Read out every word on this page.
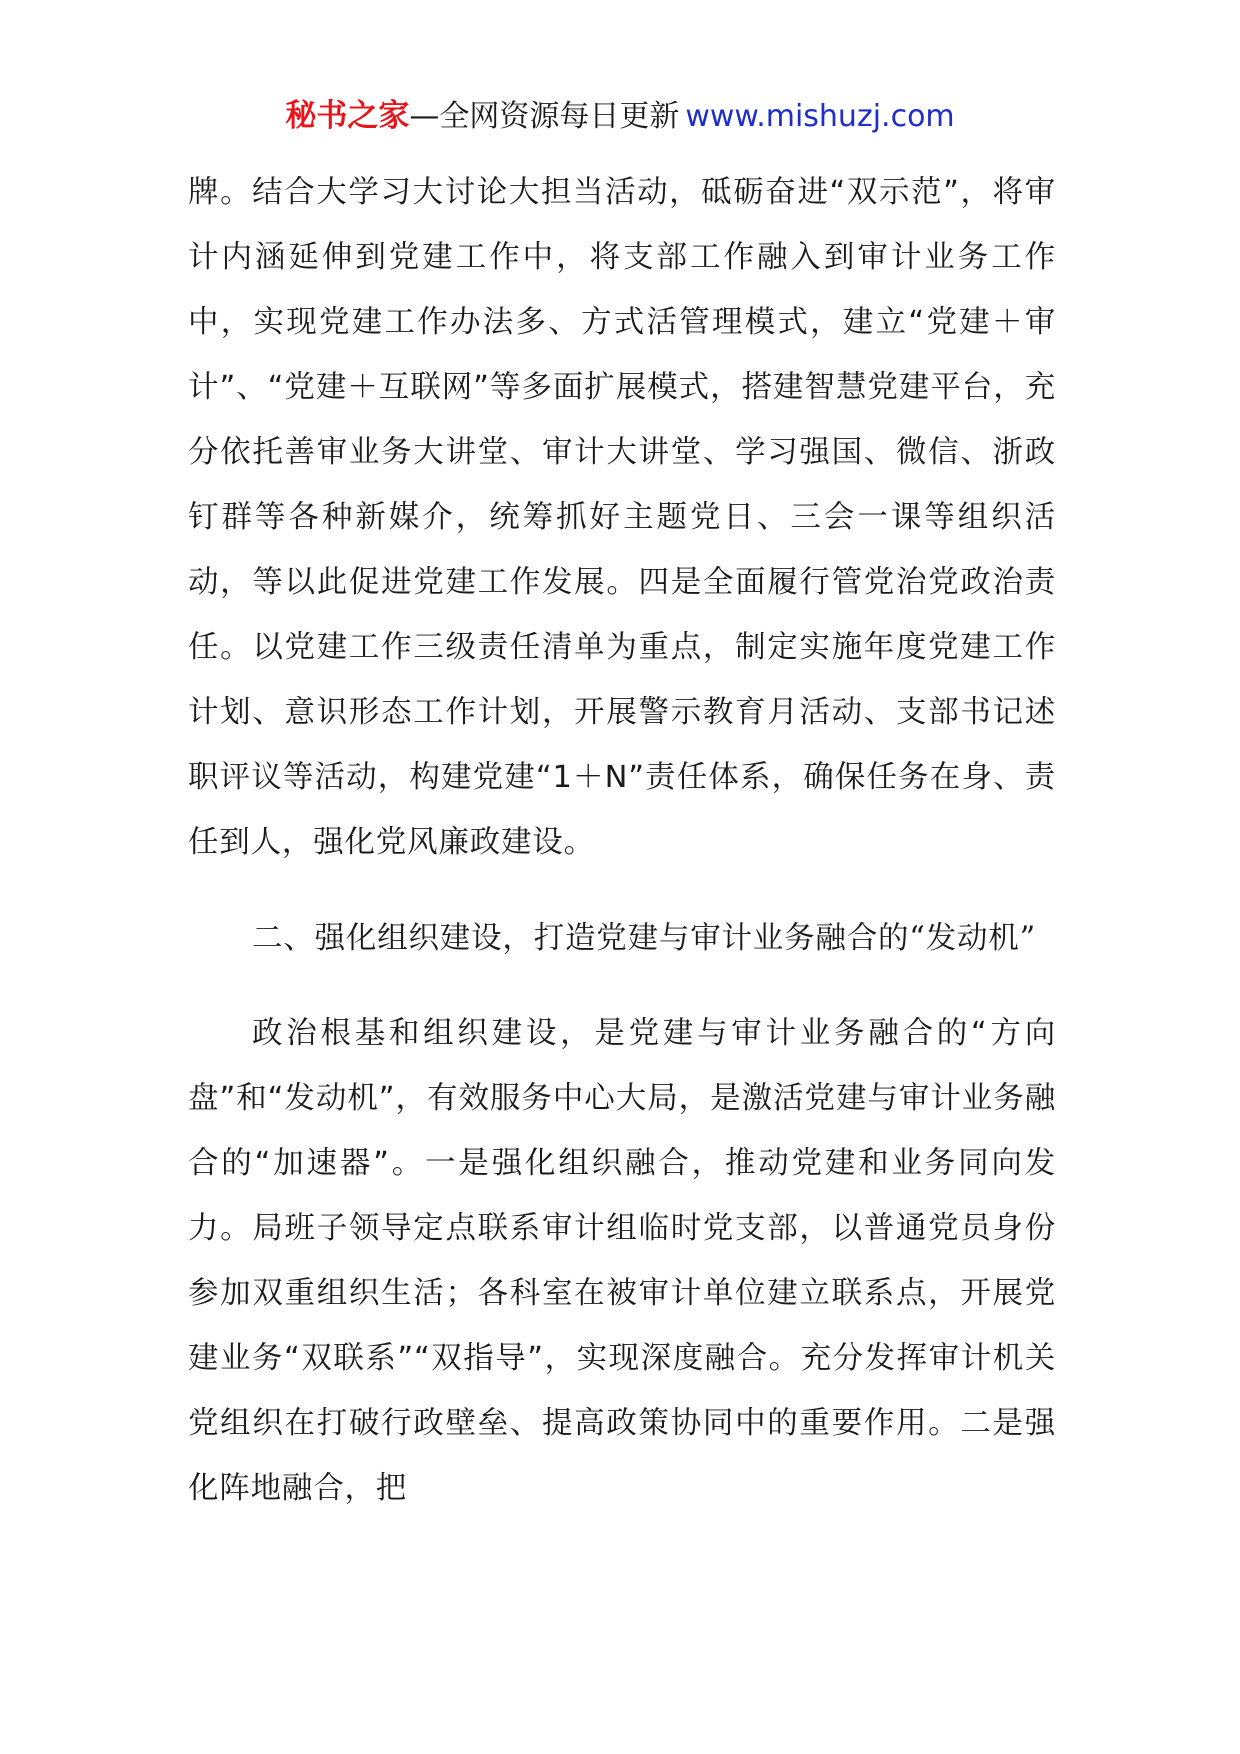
秘书之家—全网资源每日更新 www.mishuzj.com

牌。结合大学习大讨论大担当活动，砥砺奋进“双示范”，将审计内涵延伸到党建工作中，将支部工作融入到审计业务工作中，实现党建工作办法多、方式活管理模式，建立“党建＋审计”、“党建＋互联网”等多面扩展模式，搭建智慧党建平台，充分依托善审业务大讲堂、审计大讲堂、学习强国、微信、浙政钉群等各种新媒介，统筹抓好主题党日、三会一课等组织活动，等以此促进党建工作发展。四是全面履行管党治党政治责任。以党建工作三级责任清单为重点，制定实施年度党建工作计划、意识形态工作计划，开展警示教育月活动、支部书记述职评议等活动，构建党建“1＋N”责任体系，确保任务在身、责任到人，强化党风廉政建设。

二、强化组织建设，打造党建与审计业务融合的“发动机”

政治根基和组织建设，是党建与审计业务融合的“方向盘”和“发动机”，有效服务中心大局，是激活党建与审计业务融合的“加速器”。一是强化组织融合，推动党建和业务同向发力。局班子领导定点联系审计组临时党支部，以普通党员身份参加双重组织生活；各科室在被审计单位建立联系点，开展党建业务“双联系”“双指导”，实现深度融合。充分发挥审计机关党组织在打破行政壁垒、提高政策协同中的重要作用。二是强化阵地融合，把
